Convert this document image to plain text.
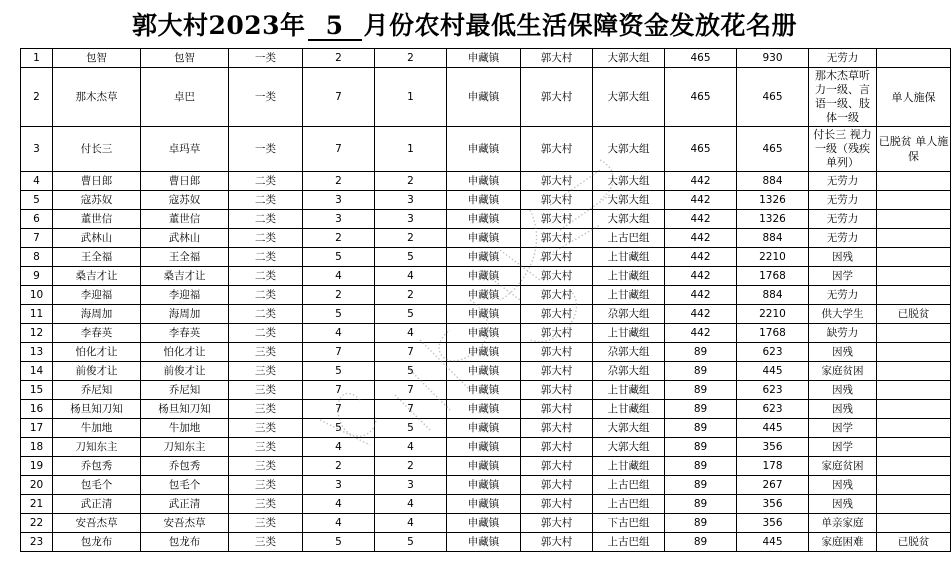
郭大村2023年 5 月份农村最低生活保障资金发放花名册
1	包智	包智	一类	2	2	申藏镇	郭大村	大郭大组	465	930	无劳力	
2	那木杰草	卓巴	一类	7	1	申藏镇	郭大村	大郭大组	465	465	那木杰草听力一级、言语一级、肢体一级	单人施保
3	付长三	卓玛草	一类	7	1	申藏镇	郭大村	大郭大组	465	465	付长三 视力一级（残疾单列）	已脱贫 单人施保
4	曹日郎	曹日郎	二类	2	2	申藏镇	郭大村	大郭大组	442	884	无劳力	
5	寇苏奴	寇苏奴	二类	3	3	申藏镇	郭大村	大郭大组	442	1326	无劳力	
6	董世信	董世信	二类	3	3	申藏镇	郭大村	大郭大组	442	1326	无劳力	
7	武林山	武林山	二类	2	2	申藏镇	郭大村	上古巴组	442	884	无劳力	
8	王全福	王全福	二类	5	5	申藏镇	郭大村	上甘藏组	442	2210	因残	
9	桑吉才让	桑吉才让	二类	4	4	申藏镇	郭大村	上甘藏组	442	1768	因学	
10	李迎福	李迎福	二类	2	2	申藏镇	郭大村	上甘藏组	442	884	无劳力	
11	海周加	海周加	二类	5	5	申藏镇	郭大村	尕郭大组	442	2210	供大学生	已脱贫
12	李春英	李春英	二类	4	4	申藏镇	郭大村	上甘藏组	442	1768	缺劳力	
13	怕化才让	怕化才让	三类	7	7	申藏镇	郭大村	尕郭大组	89	623	因残	
14	前俊才让	前俊才让	三类	5	5	申藏镇	郭大村	尕郭大组	89	445	家庭贫困	
15	乔尼知	乔尼知	三类	7	7	申藏镇	郭大村	上甘藏组	89	623	因残	
16	杨旦知刀知	杨旦知刀知	三类	7	7	申藏镇	郭大村	上甘藏组	89	623	因残	
17	牛加地	牛加地	三类	5	5	申藏镇	郭大村	大郭大组	89	445	因学	
18	刀知东主	刀知东主	三类	4	4	申藏镇	郭大村	大郭大组	89	356	因学	
19	乔包秀	乔包秀	三类	2	2	申藏镇	郭大村	上甘藏组	89	178	家庭贫困	
20	包毛个	包毛个	三类	3	3	申藏镇	郭大村	上古巴组	89	267	因残	
21	武正清	武正清	三类	4	4	申藏镇	郭大村	上古巴组	89	356	因残	
22	安吾杰草	安吾杰草	三类	4	4	申藏镇	郭大村	下古巴组	89	356	单亲家庭	
23	包龙布	包龙布	三类	5	5	申藏镇	郭大村	上古巴组	89	445	家庭困难	已脱贫
